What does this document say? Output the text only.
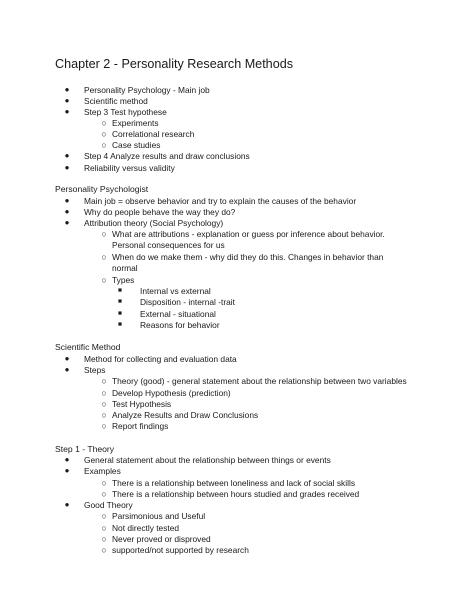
Chapter 2 - Personality Research Methods
●	Personality Psychology - Main job
●	Scientific method
●	Step 3 Test hypothese
○ Experiments
○ Correlational research
○ Case studies
●	Step 4 Analyze results and draw conclusions
●	Reliability versus validity
Personality Psychologist
●	Main job = observe behavior and try to explain the causes of the behavior
●	Why do people behave the way they do?
●	Attribution theory (Social Psychology)
○ What are attributions - explanation or guess por inference about behavior.
Personal consequences for us
○ When do we make them - why did they do this. Changes in behavior than
normal
○ Types
■	Internal vs external
■	Disposition - internal -trait
■	External - situational
■	Reasons for behavior
Scientific Method
●	Method for collecting and evaluation data
●	Steps
○ Theory (good) - general statement about the relationship between two variables
○ Develop Hypothesis (prediction)
○ Test Hypothesis
○ Analyze Results and Draw Conclusions
○ Report findings
Step 1 - Theory
●	General statement about the relationship between things or events
●	Examples
○ There is a relationship between loneliness and lack of social skills
○ There is a relationship between hours studied and grades received
●	Good Theory
○ Parsimonious and Useful
○ Not directly tested
○ Never proved or disproved
○ supported/not supported by research
